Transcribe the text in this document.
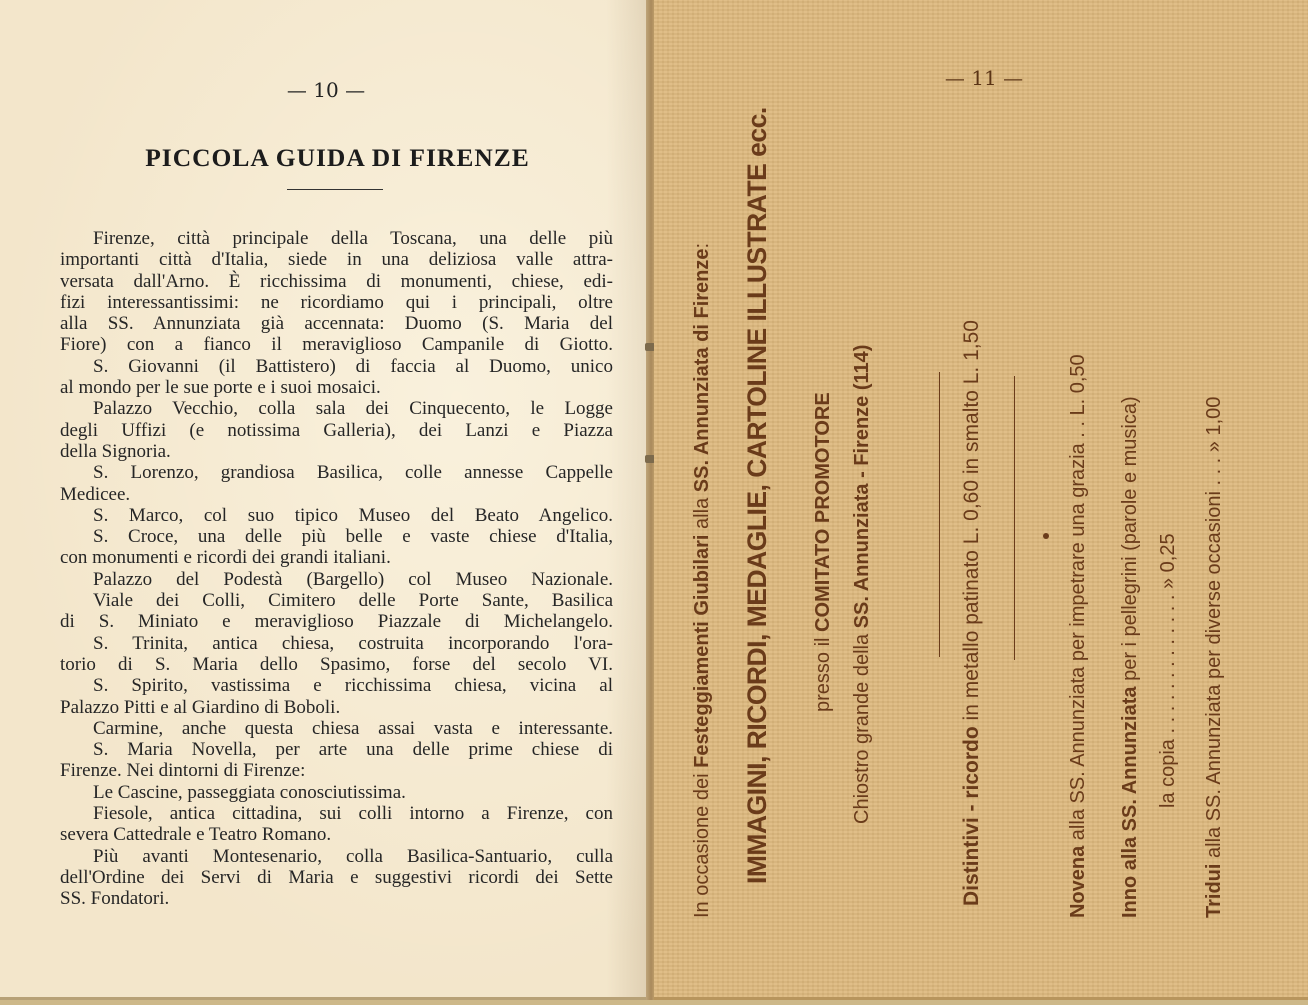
— 10 —
PICCOLA GUIDA DI FIRENZE
Firenze, città principale della Toscana, una delle più
importanti città d'Italia, siede in una deliziosa valle attra-
versata dall'Arno. È ricchissima di monumenti, chiese, edi-
fizi interessantissimi: ne ricordiamo qui i principali, oltre
alla SS. Annunziata già accennata: Duomo (S. Maria del
Fiore) con a fianco il meraviglioso Campanile di Giotto.
S. Giovanni (il Battistero) di faccia al Duomo, unico
al mondo per le sue porte e i suoi mosaici.
Palazzo Vecchio, colla sala dei Cinquecento, le Logge
degli Uffizi (e notissima Galleria), dei Lanzi e Piazza
della Signoria.
S. Lorenzo, grandiosa Basilica, colle annesse Cappelle
Medicee.
S. Marco, col suo tipico Museo del Beato Angelico.
S. Croce, una delle più belle e vaste chiese d'Italia,
con monumenti e ricordi dei grandi italiani.
Palazzo del Podestà (Bargello) col Museo Nazionale.
Viale dei Colli, Cimitero delle Porte Sante, Basilica
di S. Miniato e meraviglioso Piazzale di Michelangelo.
S. Trinita, antica chiesa, costruita incorporando l'ora-
torio di S. Maria dello Spasimo, forse del secolo VI.
S. Spirito, vastissima e ricchissima chiesa, vicina al
Palazzo Pitti e al Giardino di Boboli.
Carmine, anche questa chiesa assai vasta e interessante.
S. Maria Novella, per arte una delle prime chiese di
Firenze. Nei dintorni di Firenze:
Le Cascine, passeggiata conosciutissima.
Fiesole, antica cittadina, sui colli intorno a Firenze, con
severa Cattedrale e Teatro Romano.
Più avanti Montesenario, colla Basilica-Santuario, culla
dell'Ordine dei Servi di Maria e suggestivi ricordi dei Sette
SS. Fondatori.
— 11 —
In occasione dei Festeggiamenti Giubilari alla SS. Annunziata di Firenze: IMMAGINI, RICORDI, MEDAGLIE, CARTOLINE ILLUSTRATE ecc. presso il COMITATO PROMOTORE
Chiostro grande della SS. Annunziata - Firenze (114)
Distintivi - ricordo in metallo patinato L. 0,60 in smalto L. 1,50
Novena alla SS. Annunziata per impetrare una grazia . . L. 0,50 Inno alla SS. Annunziata per i pellegrini (parole e musica) la copia . . . . . . . . . . . . . » 0,25
Tridui alla SS. Annunziata per diverse occasioni . . . » 1,00
